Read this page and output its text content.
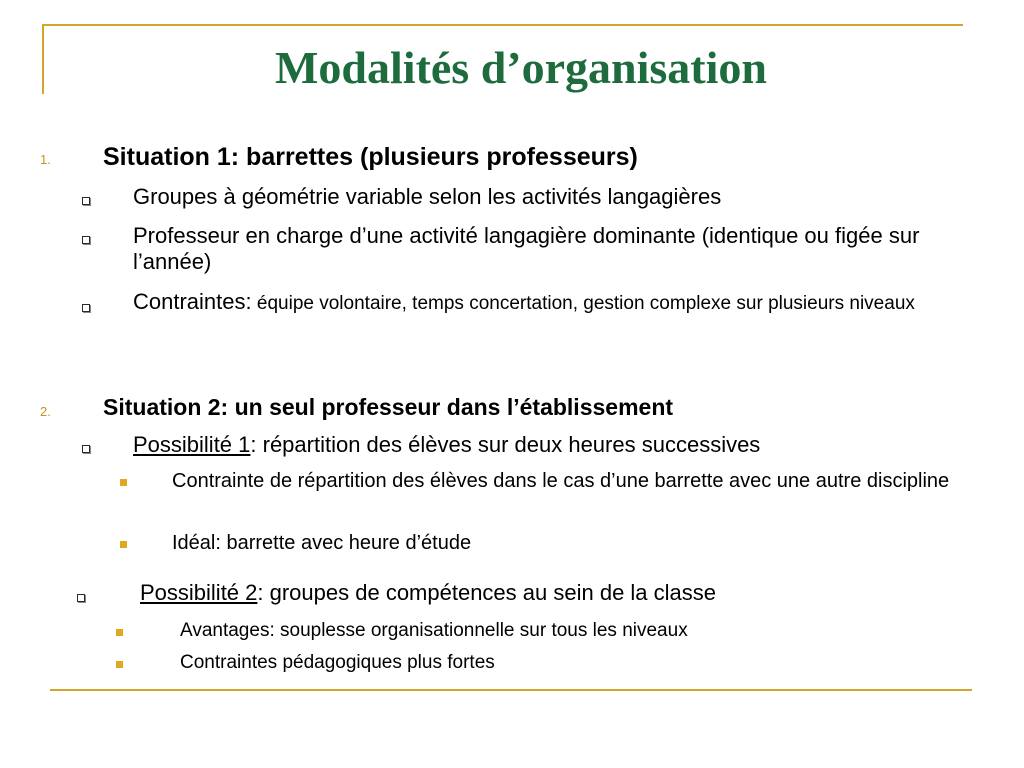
Modalités d’organisation
1. Situation 1: barrettes (plusieurs professeurs)
Groupes à géométrie variable selon les activités langagières
Professeur en charge d’une activité langagière dominante (identique ou figée sur l’année)
Contraintes: équipe volontaire, temps concertation, gestion complexe sur plusieurs niveaux
2. Situation 2: un seul professeur dans l’établissement
Possibilité 1: répartition des élèves sur deux heures successives
Contrainte de répartition des élèves dans le cas d’une barrette avec une autre discipline
Idéal: barrette avec heure d’étude
Possibilité 2: groupes de compétences au sein de la classe
Avantages: souplesse organisationnelle sur tous les niveaux
Contraintes pédagogiques plus fortes
